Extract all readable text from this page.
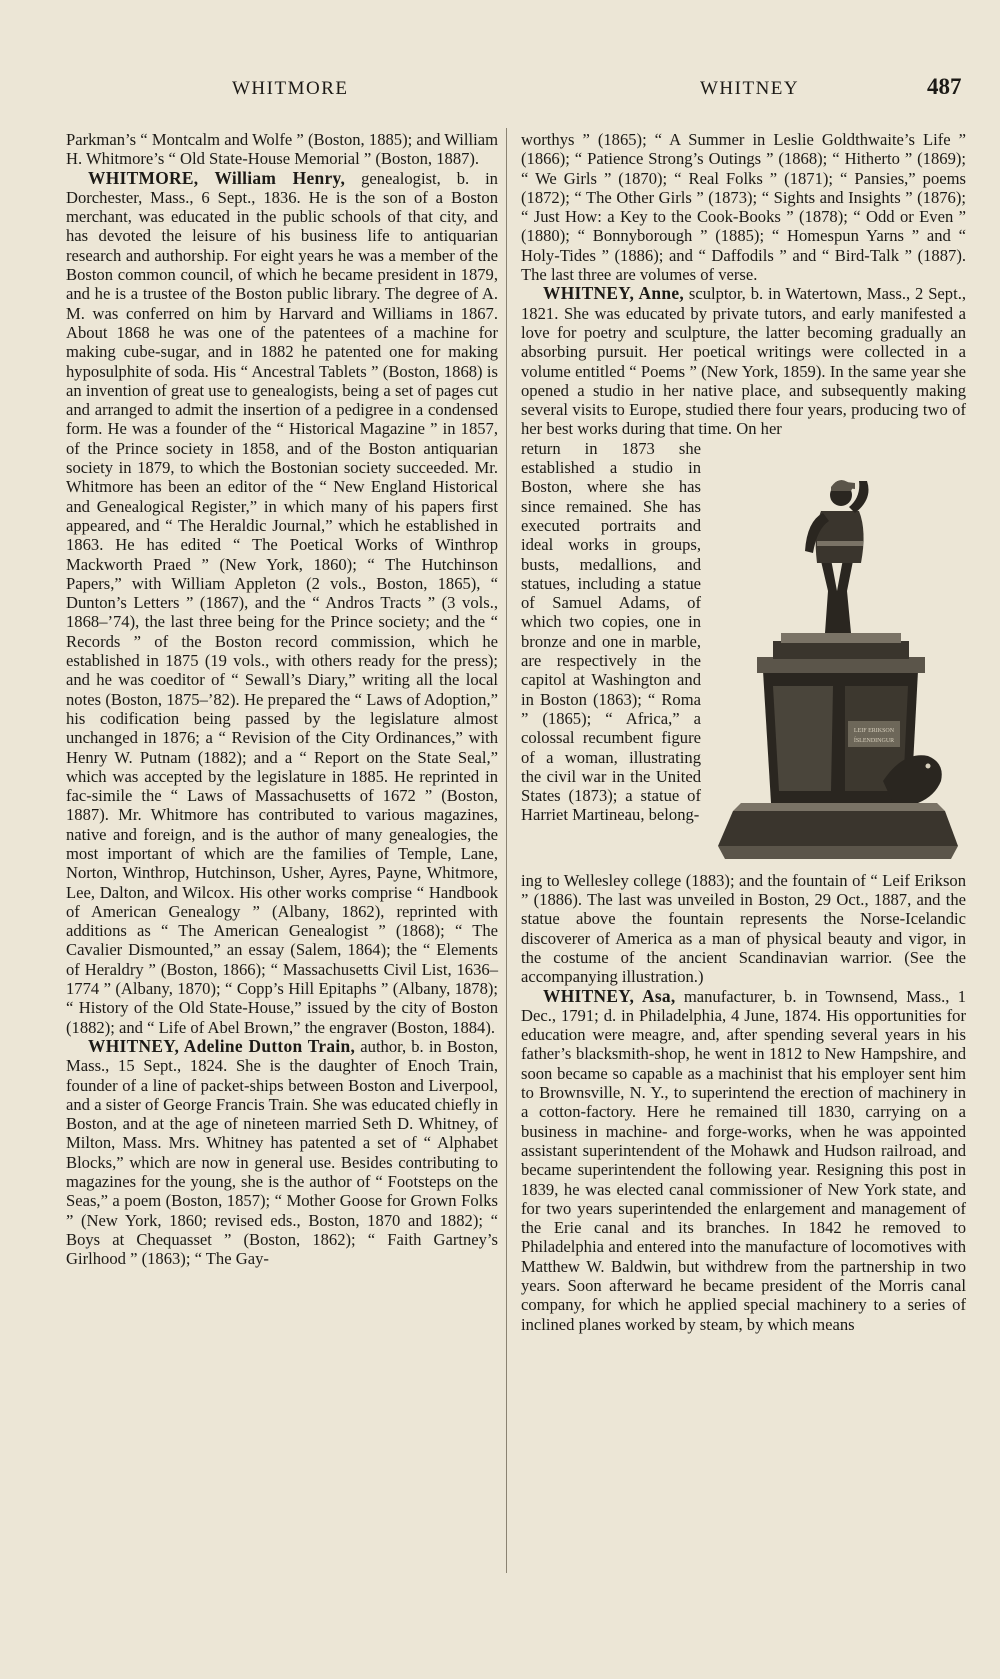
WHITMORE	WHITNEY	487

Parkman’s “ Montcalm and Wolfe ” (Boston, 1885); and William H. Whitmore’s “ Old State-House Memorial ” (Boston, 1887).

WHITMORE, William Henry, genealogist, b. in Dorchester, Mass., 6 Sept., 1836. He is the son of a Boston merchant, was educated in the public schools of that city, and has devoted the leisure of his business life to antiquarian research and authorship. For eight years he was a member of the Boston common council, of which he became president in 1879, and he is a trustee of the Boston public library. The degree of A. M. was conferred on him by Harvard and Williams in 1867. About 1868 he was one of the patentees of a machine for making cube-sugar, and in 1882 he patented one for making hyposulphite of soda. His “ Ancestral Tablets ” (Boston, 1868) is an invention of great use to genealogists, being a set of pages cut and arranged to admit the insertion of a pedigree in a condensed form. He was a founder of the “ Historical Magazine ” in 1857, of the Prince society in 1858, and of the Boston antiquarian society in 1879, to which the Bostonian society succeeded. Mr. Whitmore has been an editor of the “ New England Historical and Genealogical Register,” in which many of his papers first appeared, and “ The Heraldic Journal,” which he established in 1863. He has edited “ The Poetical Works of Winthrop Mackworth Praed ” (New York, 1860); “ The Hutchinson Papers,” with William Appleton (2 vols., Boston, 1865), “ Dunton’s Letters ” (1867), and the “ Andros Tracts ” (3 vols., 1868–’74), the last three being for the Prince society; and the “ Records ” of the Boston record commission, which he established in 1875 (19 vols., with others ready for the press); and he was coeditor of “ Sewall’s Diary,” writing all the local notes (Boston, 1875–’82). He prepared the “ Laws of Adoption,” his codification being passed by the legislature almost unchanged in 1876; a “ Revision of the City Ordinances,” with Henry W. Putnam (1882); and a “ Report on the State Seal,” which was accepted by the legislature in 1885. He reprinted in fac-simile the “ Laws of Massachusetts of 1672 ” (Boston, 1887). Mr. Whitmore has contributed to various magazines, native and foreign, and is the author of many genealogies, the most important of which are the families of Temple, Lane, Norton, Winthrop, Hutchinson, Usher, Ayres, Payne, Whitmore, Lee, Dalton, and Wilcox. His other works comprise “ Handbook of American Genealogy ” (Albany, 1862), reprinted with additions as “ The American Genealogist ” (1868); “ The Cavalier Dismounted,” an essay (Salem, 1864); the “ Elements of Heraldry ” (Boston, 1866); “ Massachusetts Civil List, 1636–1774 ” (Albany, 1870); “ Copp’s Hill Epitaphs ” (Albany, 1878); “ History of the Old State-House,” issued by the city of Boston (1882); and “ Life of Abel Brown,” the engraver (Boston, 1884).

WHITNEY, Adeline Dutton Train, author, b. in Boston, Mass., 15 Sept., 1824. She is the daughter of Enoch Train, founder of a line of packet-ships between Boston and Liverpool, and a sister of George Francis Train. She was educated chiefly in Boston, and at the age of nineteen married Seth D. Whitney, of Milton, Mass. Mrs. Whitney has patented a set of “ Alphabet Blocks,” which are now in general use. Besides contributing to magazines for the young, she is the author of “ Footsteps on the Seas,” a poem (Boston, 1857); “ Mother Goose for Grown Folks ” (New York, 1860; revised eds., Boston, 1870 and 1882); “ Boys at Chequasset ” (Boston, 1862); “ Faith Gartney’s Girlhood ” (1863); “ The Gay-

worthys ” (1865); “ A Summer in Leslie Goldthwaite’s Life ” (1866); “ Patience Strong’s Outings ” (1868); “ Hitherto ” (1869); “ We Girls ” (1870); “ Real Folks ” (1871); “ Pansies,” poems (1872); “ The Other Girls ” (1873); “ Sights and Insights ” (1876); “ Just How: a Key to the Cook-Books ” (1878); “ Odd or Even ” (1880); “ Bonnyborough ” (1885); “ Homespun Yarns ” and “ Holy-Tides ” (1886); and “ Daffodils ” and “ Bird-Talk ” (1887). The last three are volumes of verse.

WHITNEY, Anne, sculptor, b. in Watertown, Mass., 2 Sept., 1821. She was educated by private tutors, and early manifested a love for poetry and sculpture, the latter becoming gradually an absorbing pursuit. Her poetical writings were collected in a volume entitled “ Poems ” (New York, 1859). In the same year she opened a studio in her native place, and subsequently making several visits to Europe, studied there four years, producing two of her best works during that time. On her

return in 1873 she established a studio in Boston, where she has since remained. She has executed portraits and ideal works in groups, busts, medallions, and statues, including a statue of Samuel Adams, of which two copies, one in bronze and one in marble, are respectively in the capitol at Washington and in Boston (1863); “ Roma ” (1865); “ Africa,” a colossal recumbent figure of a woman, illustrating the civil war in the United States (1873); a statue of Harriet Martineau, belong-
LEIF ERIKSON
ÍSLENDINGUR

ing to Wellesley college (1883); and the fountain of “ Leif Erikson ” (1886). The last was unveiled in Boston, 29 Oct., 1887, and the statue above the fountain represents the Norse-Icelandic discoverer of America as a man of physical beauty and vigor, in the costume of the ancient Scandinavian warrior. (See the accompanying illustration.)

WHITNEY, Asa, manufacturer, b. in Townsend, Mass., 1 Dec., 1791; d. in Philadelphia, 4 June, 1874. His opportunities for education were meagre, and, after spending several years in his father’s blacksmith-shop, he went in 1812 to New Hampshire, and soon became so capable as a machinist that his employer sent him to Brownsville, N. Y., to superintend the erection of machinery in a cotton-factory. Here he remained till 1830, carrying on a business in machine- and forge-works, when he was appointed assistant superintendent of the Mohawk and Hudson railroad, and became superintendent the following year. Resigning this post in 1839, he was elected canal commissioner of New York state, and for two years superintended the enlargement and management of the Erie canal and its branches. In 1842 he removed to Philadelphia and entered into the manufacture of locomotives with Matthew W. Baldwin, but withdrew from the partnership in two years. Soon afterward he became president of the Morris canal company, for which he applied special machinery to a series of inclined planes worked by steam, by which means
